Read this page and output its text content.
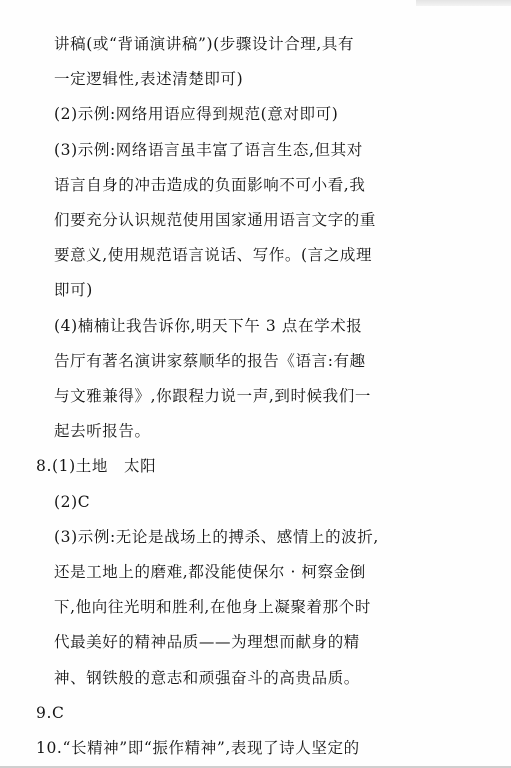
讲稿(或“背诵演讲稿”)(步骤设计合理,具有
一定逻辑性,表述清楚即可)
(2)示例:网络用语应得到规范(意对即可)
(3)示例:网络语言虽丰富了语言生态,但其对
语言自身的冲击造成的负面影响不可小看,我
们要充分认识规范使用国家通用语言文字的重
要意义,使用规范语言说话、写作。(言之成理
即可)
(4)楠楠让我告诉你,明天下午 3 点在学术报
告厅有著名演讲家蔡顺华的报告《语言:有趣
与文雅兼得》,你跟程力说一声,到时候我们一
起去听报告。
8.(1)土地　太阳
(2)C
(3)示例:无论是战场上的搏杀、感情上的波折,
还是工地上的磨难,都没能使保尔 · 柯察金倒
下,他向往光明和胜利,在他身上凝聚着那个时
代最美好的精神品质——为理想而献身的精
神、钢铁般的意志和顽强奋斗的高贵品质。
9.C
10.“长精神”即“振作精神”,表现了诗人坚定的
